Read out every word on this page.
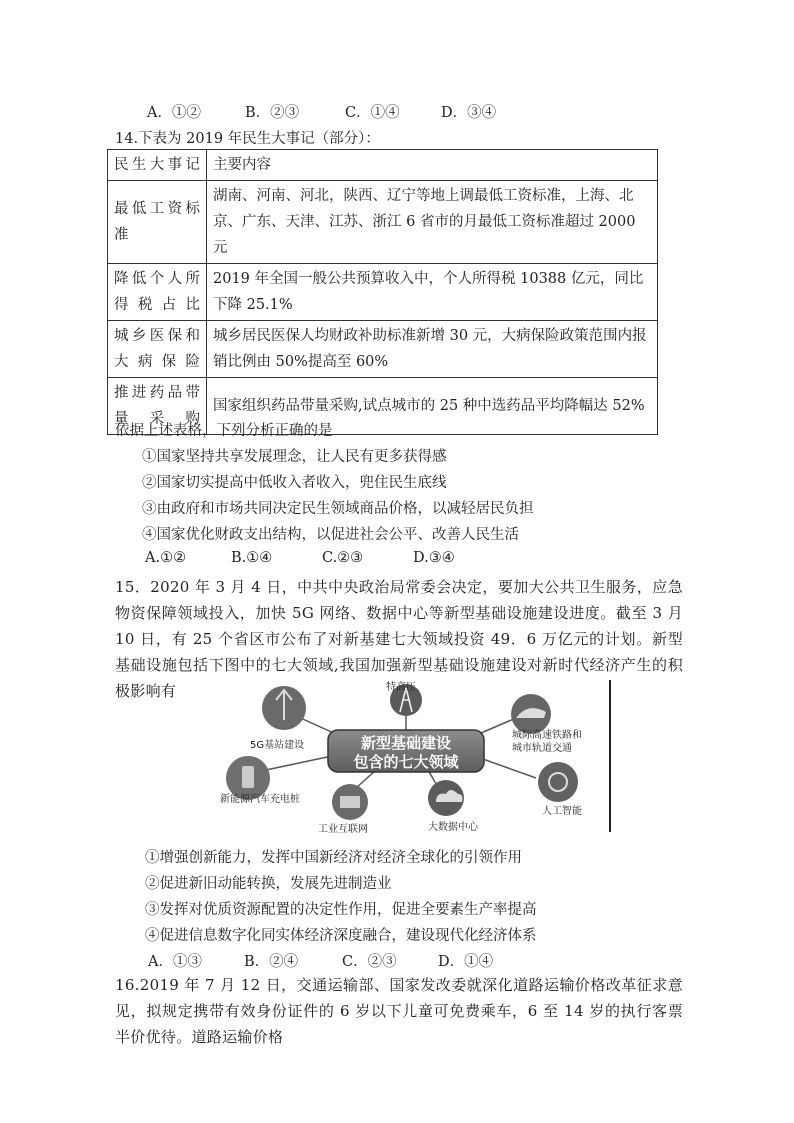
A．①②	B．②③	C．①④	D．③④
14.下表为 2019 年民生大事记（部分）：
民生大事记	主要内容
最低工资标准	湖南、河南、河北，陕西、辽宁等地上调最低工资标准，上海、北京、广东、天津、江苏、浙江 6 省市的月最低工资标准超过 2000 元
降低个人所得税占比	2019 年全国一般公共预算收入中，个人所得税 10388 亿元，同比下降 25.1%
城乡医保和大病保险	城乡居民医保人均财政补助标准新增 30 元，大病保险政策范围内报销比例由 50%提高至 60%
推进药品带量采购	国家组织药品带量采购,试点城市的 25 种中选药品平均降幅达 52%
依据上述表格，下列分析正确的是
①国家坚持共享发展理念，让人民有更多获得感
②国家切实提高中低收入者收入，兜住民生底线
③由政府和市场共同决定民生领域商品价格，以减轻居民负担
④国家优化财政支出结构，以促进社会公平、改善人民生活
A.①②	B.①④	C.②③	D.③④
15．2020 年 3 月 4 日，中共中央政治局常委会决定，要加大公共卫生服务，应急物资保障领域投入，加快 5G 网络、数据中心等新型基础设施建设进度。截至 3 月 10 日，有 25 个省区市公布了对新基建七大领域投资 49．6 万亿元的计划。新型基础设施包括下图中的七大领域,我国加强新型基础设施建设对新时代经济产生的积极影响有
新型基础建设
包含的七大领域
特高压
5G基站建设
城际高速铁路和
城市轨道交通
新能源汽车充电桩
人工智能
工业互联网	大数据中心
①增强创新能力，发挥中国新经济对经济全球化的引领作用
②促进新旧动能转换，发展先进制造业
③发挥对优质资源配置的决定性作用，促进全要素生产率提高
④促进信息数字化同实体经济深度融合，建设现代化经济体系
A．①③	B．②④	C．②③	D．①④
16.2019 年 7 月 12 日，交通运输部、国家发改委就深化道路运输价格改革征求意见，拟规定携带有效身份证件的 6 岁以下儿童可免费乘车，6 至 14 岁的执行客票半价优待。道路运输价格
